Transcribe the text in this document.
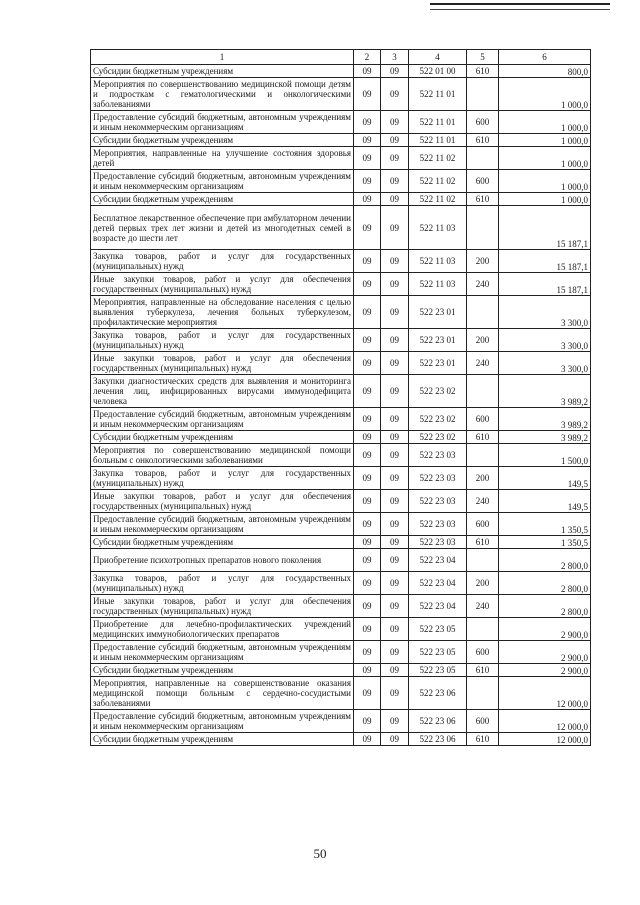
1	2	3	4	5	6
Субсидии бюджетным учреждениям	09	09	522 01 00	610	800,0
Мероприятия по совершенствованию медицинской помощи детям и подросткам с гематологическими и онкологическими заболеваниями	09	09	522 11 01		1 000,0
Предоставление субсидий бюджетным, автономным учреждениям и иным некоммерческим организациям	09	09	522 11 01	600	1 000,0
Субсидии бюджетным учреждениям	09	09	522 11 01	610	1 000,0
Мероприятия, направленные на улучшение состояния здоровья детей	09	09	522 11 02		1 000,0
Предоставление субсидий бюджетным, автономным учреждениям и иным некоммерческим организациям	09	09	522 11 02	600	1 000,0
Субсидии бюджетным учреждениям	09	09	522 11 02	610	1 000,0
Бесплатное лекарственное обеспечение при амбулаторном лечении детей первых трех лет жизни и детей из многодетных семей в возрасте до шести лет	09	09	522 11 03		15 187,1
Закупка товаров, работ и услуг для государственных (муниципальных) нужд	09	09	522 11 03	200	15 187,1
Иные закупки товаров, работ и услуг для обеспечения государственных (муниципальных) нужд	09	09	522 11 03	240	15 187,1
Мероприятия, направленные на обследование населения с целью выявления туберкулеза, лечения больных туберкулезом, профилактические мероприятия	09	09	522 23 01		3 300,0
Закупка товаров, работ и услуг для государственных (муниципальных) нужд	09	09	522 23 01	200	3 300,0
Иные закупки товаров, работ и услуг для обеспечения государственных (муниципальных) нужд	09	09	522 23 01	240	3 300,0
Закупки диагностических средств для выявления и мониторинга лечения лиц, инфицированных вирусами иммунодефицита человека	09	09	522 23 02		3 989,2
Предоставление субсидий бюджетным, автономным учреждениям и иным некоммерческим организациям	09	09	522 23 02	600	3 989,2
Субсидии бюджетным учреждениям	09	09	522 23 02	610	3 989,2
Мероприятия по совершенствованию медицинской помощи больным с онкологическими заболеваниями	09	09	522 23 03		1 500,0
Закупка товаров, работ и услуг для государственных (муниципальных) нужд	09	09	522 23 03	200	149,5
Иные закупки товаров, работ и услуг для обеспечения государственных (муниципальных) нужд	09	09	522 23 03	240	149,5
Предоставление субсидий бюджетным, автономным учреждениям и иным некоммерческим организациям	09	09	522 23 03	600	1 350,5
Субсидии бюджетным учреждениям	09	09	522 23 03	610	1 350,5
Приобретение психотропных препаратов нового поколения	09	09	522 23 04		2 800,0
Закупка товаров, работ и услуг для государственных (муниципальных) нужд	09	09	522 23 04	200	2 800,0
Иные закупки товаров, работ и услуг для обеспечения государственных (муниципальных) нужд	09	09	522 23 04	240	2 800,0
Приобретение для лечебно-профилактических учреждений медицинских иммунобиологических препаратов	09	09	522 23 05		2 900,0
Предоставление субсидий бюджетным, автономным учреждениям и иным некоммерческим организациям	09	09	522 23 05	600	2 900,0
Субсидии бюджетным учреждениям	09	09	522 23 05	610	2 900,0
Мероприятия, направленные на совершенствование оказания медицинской помощи больным с сердечно-сосудистыми заболеваниями	09	09	522 23 06		12 000,0
Предоставление субсидий бюджетным, автономным учреждениям и иным некоммерческим организациям	09	09	522 23 06	600	12 000,0
Субсидии бюджетным учреждениям	09	09	522 23 06	610	12 000,0
50
